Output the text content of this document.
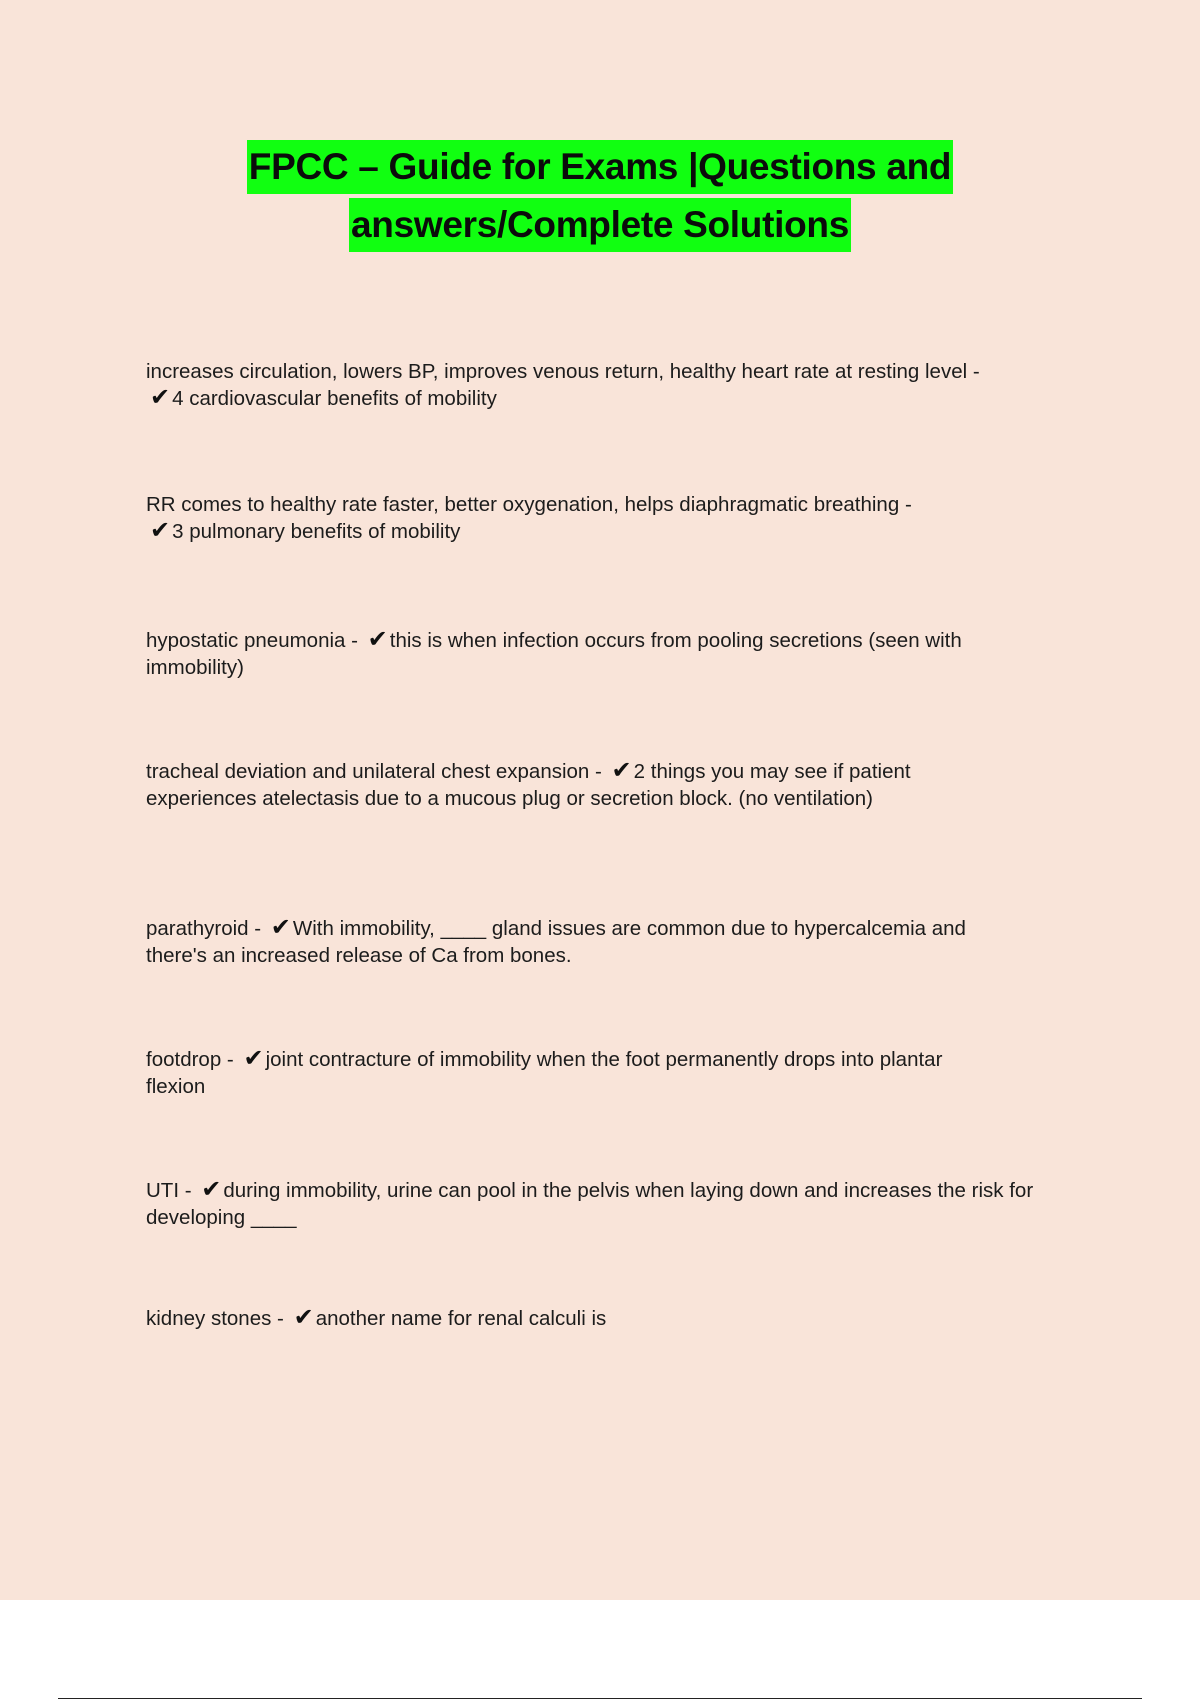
FPCC – Guide for Exams |Questions and
answers/Complete Solutions
increases circulation, lowers BP, improves venous return, healthy heart rate at resting level -
✔4 cardiovascular benefits of mobility
RR comes to healthy rate faster, better oxygenation, helps diaphragmatic breathing -
✔3 pulmonary benefits of mobility
hypostatic pneumonia - ✔this is when infection occurs from pooling secretions (seen with immobility)
tracheal deviation and unilateral chest expansion - ✔2 things you may see if patient experiences atelectasis due to a mucous plug or secretion block. (no ventilation)
parathyroid - ✔With immobility, ____ gland issues are common due to hypercalcemia and there's an increased release of Ca from bones.
footdrop - ✔joint contracture of immobility when the foot permanently drops into plantar flexion
UTI - ✔during immobility, urine can pool in the pelvis when laying down and increases the risk for developing ____
kidney stones - ✔another name for renal calculi is
